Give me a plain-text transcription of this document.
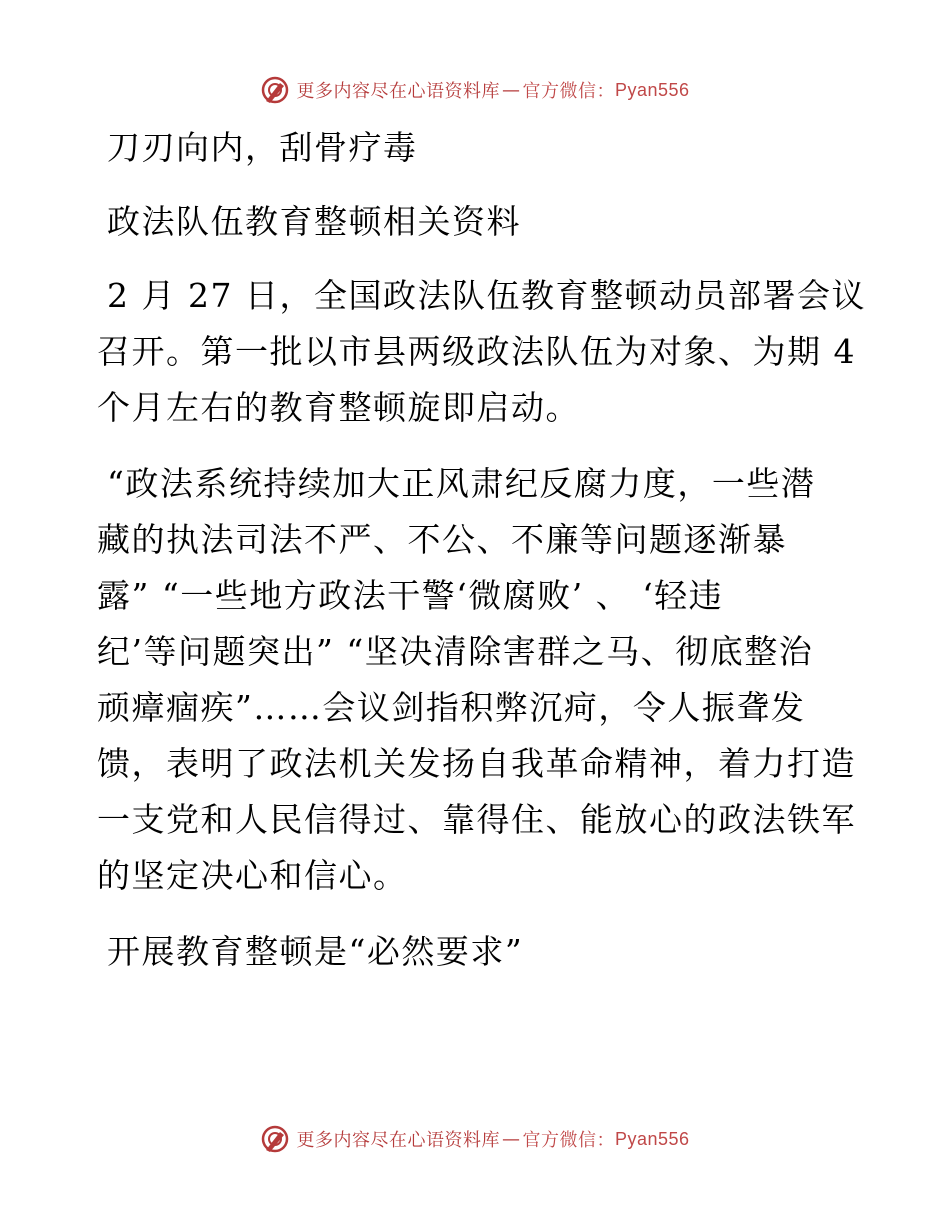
更多内容尽在心语资料库 — 官方微信： Pyan556
刀刃向内，刮骨疗毒
政法队伍教育整顿相关资料
2 月 27 日，全国政法队伍教育整顿动员部署会议
召开。第一批以市县两级政法队伍为对象、为期 4
个月左右的教育整顿旋即启动。
“政法系统持续加大正风肃纪反腐力度，一些潜
藏的执法司法不严、不公、不廉等问题逐渐暴
露” “一些地方政法干警‘微腐败’ 、 ‘轻违
纪’等问题突出” “坚决清除害群之马、彻底整治
顽瘴痼疾”……会议剑指积弊沉疴，令人振聋发
馈，表明了政法机关发扬自我革命精神，着力打造
一支党和人民信得过、靠得住、能放心的政法铁军
的坚定决心和信心。
开展教育整顿是“必然要求”
更多内容尽在心语资料库 — 官方微信： Pyan556
